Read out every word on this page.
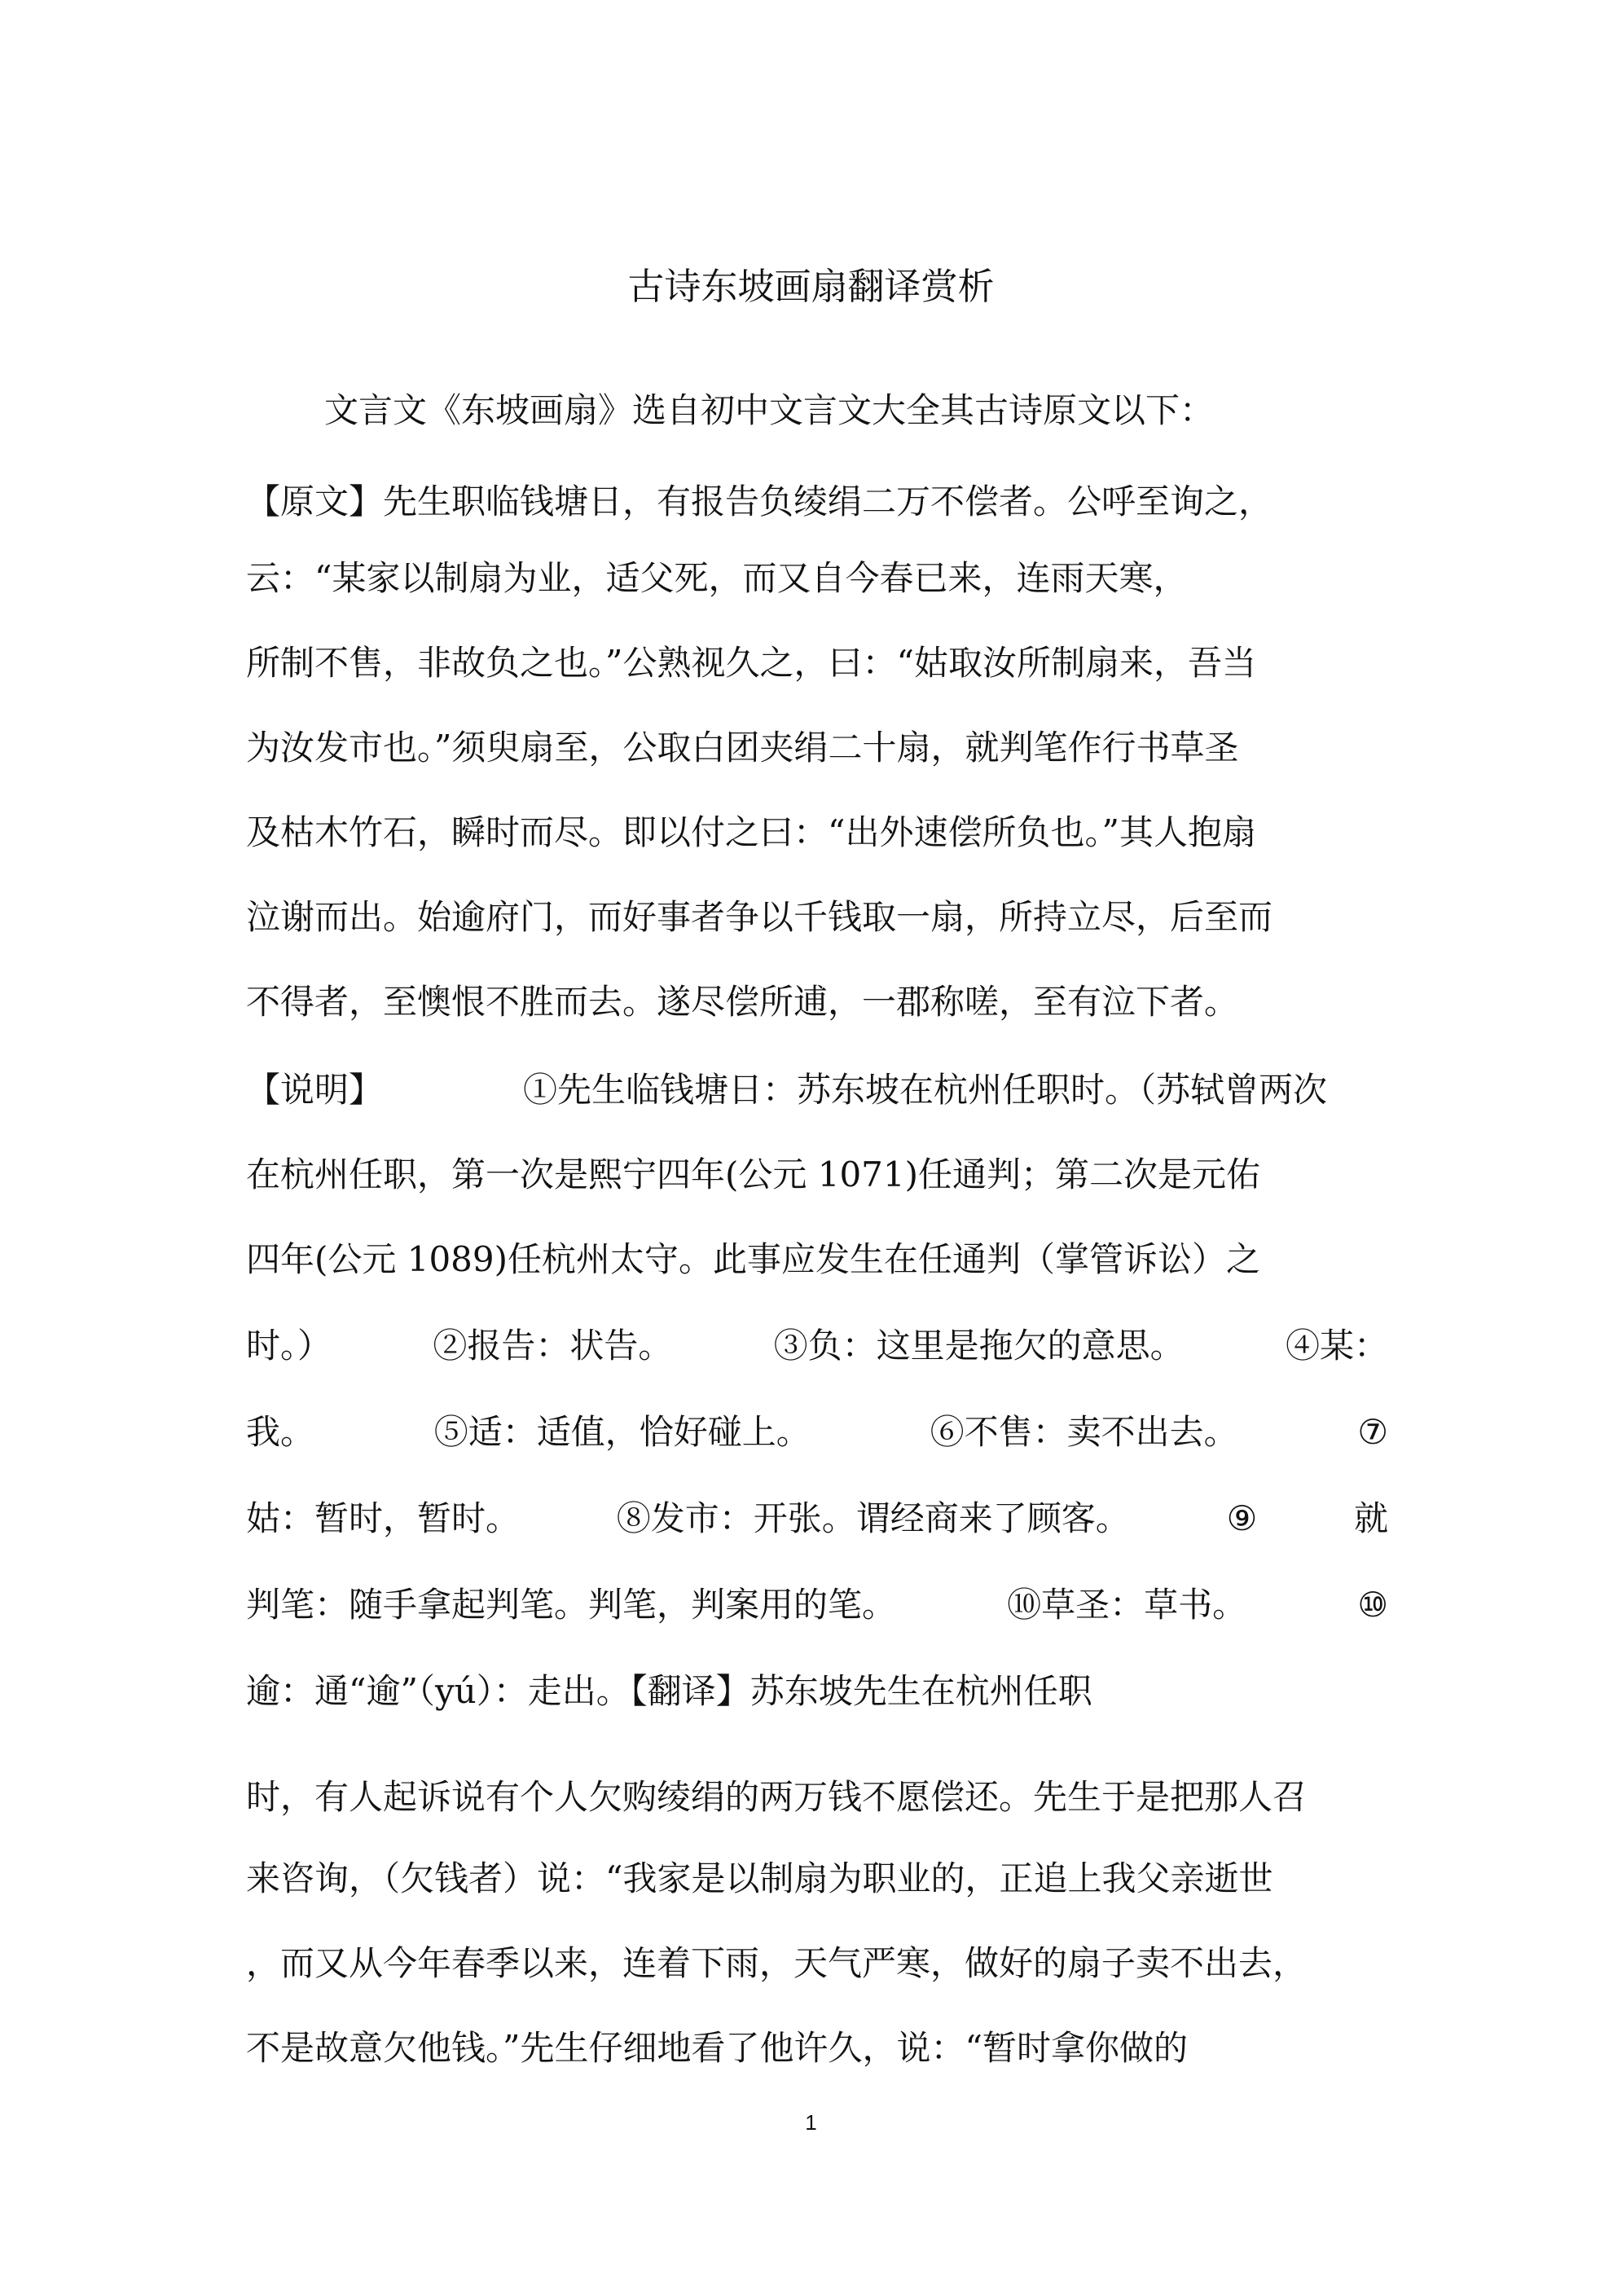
古诗东坡画扇翻译赏析
文言文《东坡画扇》选自初中文言文大全其古诗原文以下：
【原文】先生职临钱塘日，有报告负绫绢二万不偿者。公呼至询之，
云：“某家以制扇为业，适父死，而又自今春已来，连雨天寒，
所制不售，非故负之也。”公熟视久之，曰：“姑取汝所制扇来，吾当
为汝发市也。”须臾扇至，公取白团夹绢二十扇，就判笔作行书草圣
及枯木竹石，瞬时而尽。即以付之曰：“出外速偿所负也。”其人抱扇
泣谢而出。始逾府门，而好事者争以千钱取一扇，所持立尽，后至而
不得者，至懊恨不胜而去。遂尽偿所逋，一郡称嗟，至有泣下者。
【说明】	①先生临钱塘日：苏东坡在杭州任职时。（苏轼曾两次
在杭州任职，第一次是熙宁四年(公元 1071)任通判；第二次是元佑
四年(公元 1089)任杭州太守。此事应发生在任通判（掌管诉讼）之
时。）	②报告：状告。	③负：这里是拖欠的意思。	④某：
我。	⑤适：适值，恰好碰上。	⑥不售：卖不出去。	⑦
姑：暂时，暂时。	⑧发市：开张。谓经商来了顾客。	⑨	就
判笔：随手拿起判笔。判笔，判案用的笔。	⑩草圣：草书。	⑩
逾：通“逾”（yú）：走出。【翻译】苏东坡先生在杭州任职
时，有人起诉说有个人欠购绫绢的两万钱不愿偿还。先生于是把那人召
来咨询，（欠钱者）说：“我家是以制扇为职业的，正追上我父亲逝世
，而又从今年春季以来，连着下雨，天气严寒，做好的扇子卖不出去，
不是故意欠他钱。”先生仔细地看了他许久，说：“暂时拿你做的
1
